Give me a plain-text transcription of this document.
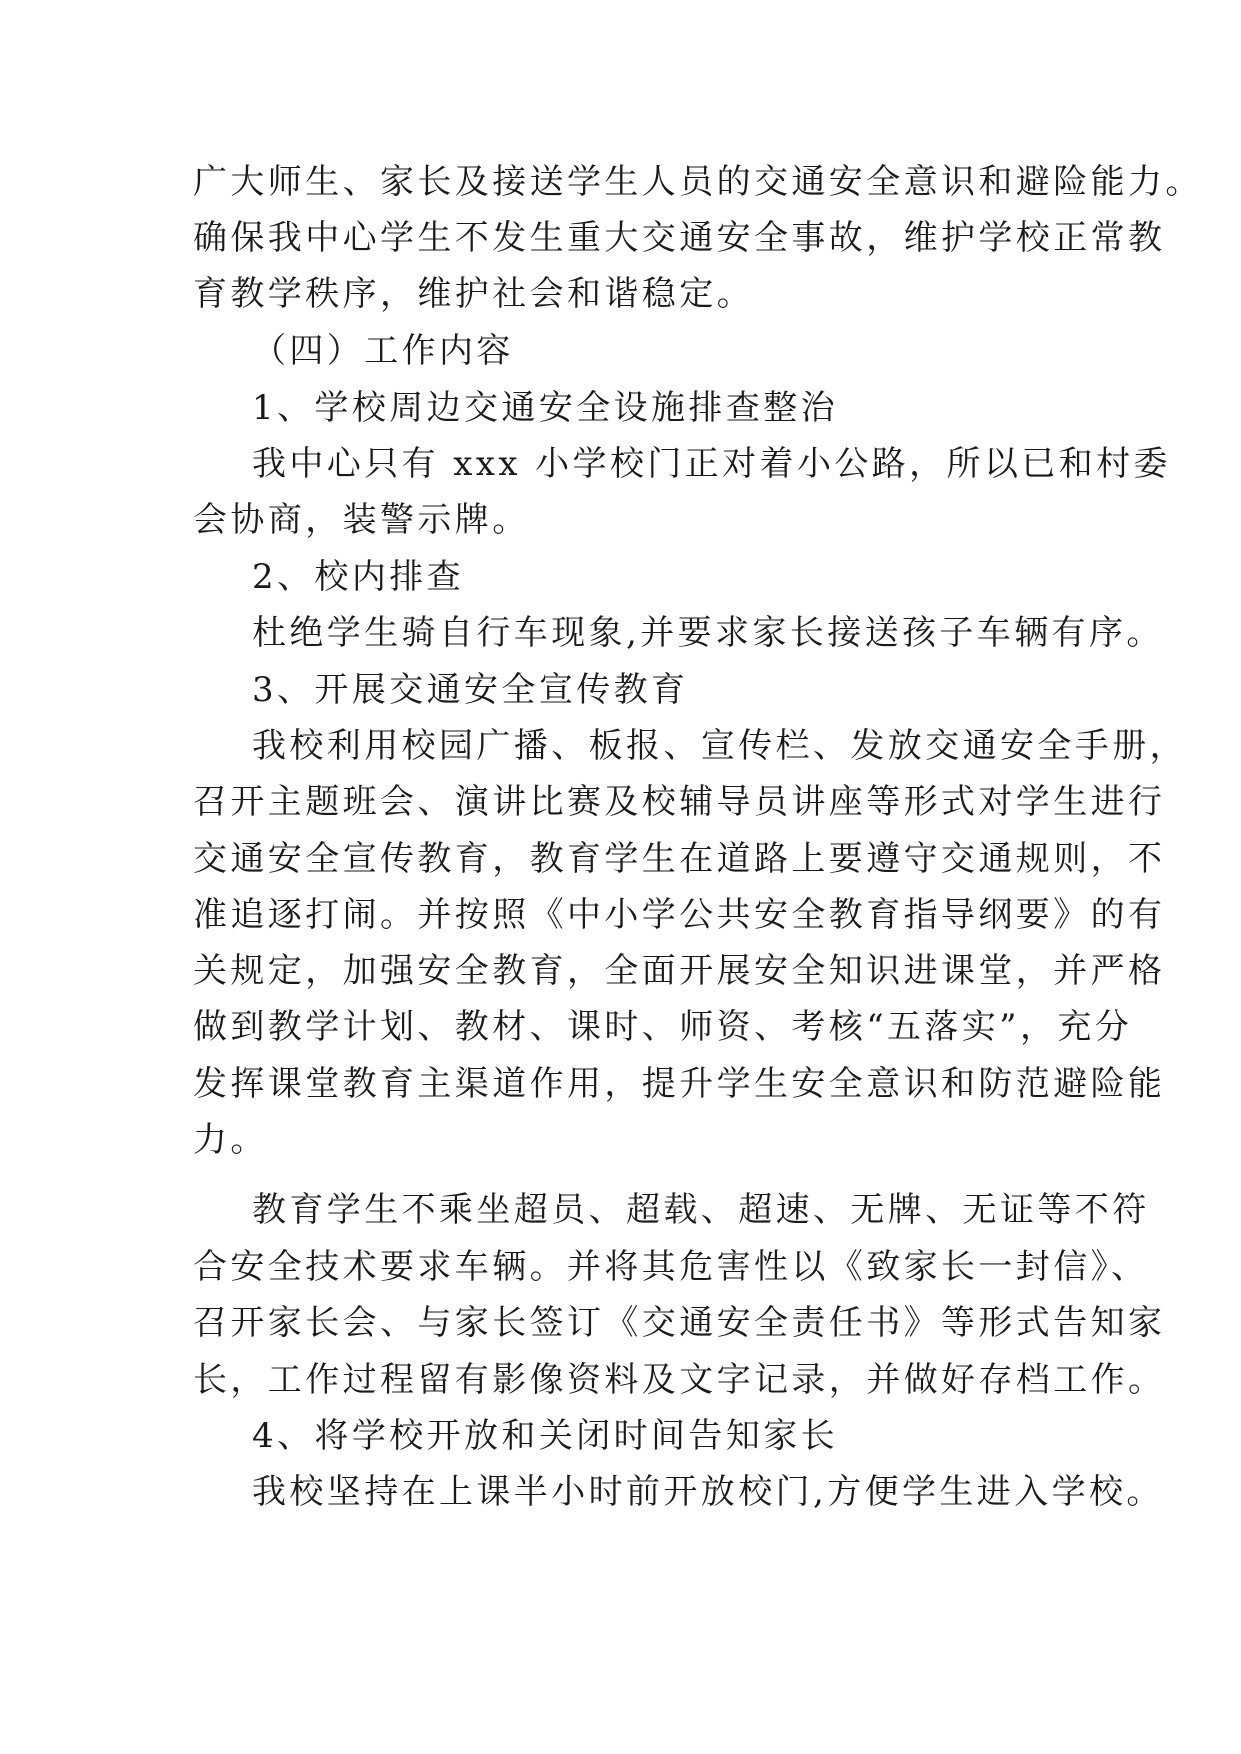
广大师生、家长及接送学生人员的交通安全意识和避险能力。
确保我中心学生不发生重大交通安全事故，维护学校正常教
育教学秩序，维护社会和谐稳定。
（四）工作内容
1、学校周边交通安全设施排查整治
我中心只有 xxx 小学校门正对着小公路，所以已和村委
会协商，装警示牌。
2、校内排查
杜绝学生骑自行车现象,并要求家长接送孩子车辆有序。
3、开展交通安全宣传教育
我校利用校园广播、板报、宣传栏、发放交通安全手册，
召开主题班会、演讲比赛及校辅导员讲座等形式对学生进行
交通安全宣传教育，教育学生在道路上要遵守交通规则，不
准追逐打闹。并按照《中小学公共安全教育指导纲要》的有
关规定，加强安全教育，全面开展安全知识进课堂，并严格
做到教学计划、教材、课时、师资、考核“五落实”，充分
发挥课堂教育主渠道作用，提升学生安全意识和防范避险能
力。
教育学生不乘坐超员、超载、超速、无牌、无证等不符
合安全技术要求车辆。并将其危害性以《致家长一封信》、
召开家长会、与家长签订《交通安全责任书》等形式告知家
长，工作过程留有影像资料及文字记录，并做好存档工作。
4、将学校开放和关闭时间告知家长
我校坚持在上课半小时前开放校门,方便学生进入学校。
